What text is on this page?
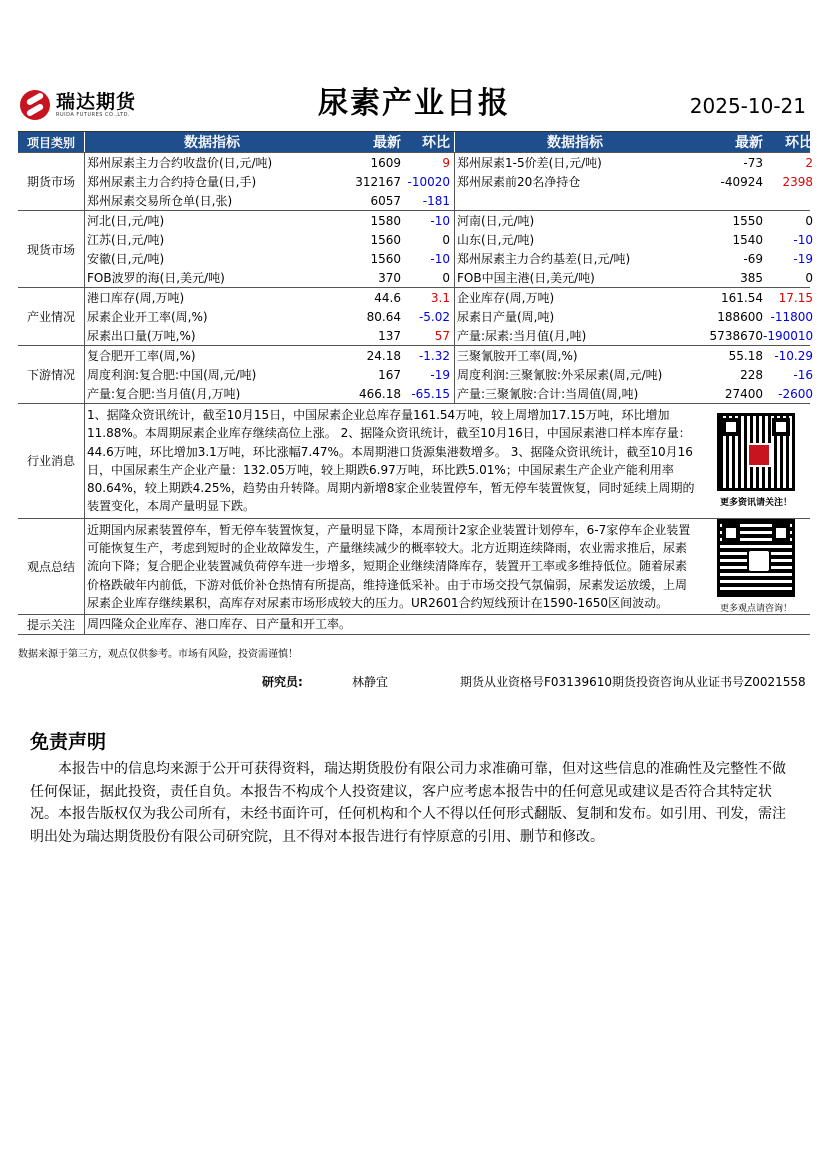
瑞达期货
RUIDA FUTURES CO.,LTD.	尿素产业日报	2025-10-21
项目类别	数据指标	最新	环比	数据指标	最新	环比
期货市场
郑州尿素主力合约收盘价(日,元/吨)	1609	9 郑州尿素1-5价差(日,元/吨)	-73	2
郑州尿素主力合约持仓量(日,手)	312167 -10020 郑州尿素前20名净持仓	-40924	2398
郑州尿素交易所仓单(日,张)	6057	-181
现货市场
河北(日,元/吨)	1580	-10 河南(日,元/吨)	1550	0
江苏(日,元/吨)	1560	0 山东(日,元/吨)	1540	-10
安徽(日,元/吨)	1560	-10 郑州尿素主力合约基差(日,元/吨)	-69	-19
FOB波罗的海(日,美元/吨)	370	0 FOB中国主港(日,美元/吨)	385	0
产业情况
港口库存(周,万吨)	44.6	3.1 企业库存(周,万吨)	161.54	17.15
尿素企业开工率(周,%)	80.64	-5.02 尿素日产量(周,吨)	188600 -11800
尿素出口量(万吨,%)	137	57 产量:尿素:当月值(月,吨)	5738670 -190010
下游情况
复合肥开工率(周,%)	24.18	-1.32 三聚氰胺开工率(周,%)	55.18 -10.29
周度利润:复合肥:中国(周,元/吨)	167	-19 周度利润:三聚氰胺:外采尿素(周,元/吨)	228	-16
产量:复合肥:当月值(月,万吨)	466.18 -65.15 产量:三聚氰胺:合计:当周值(周,吨)	27400	-2600
行业消息
1、据隆众资讯统计，截至10月15日，中国尿素企业总库存量161.54万吨，较上周增加17.15万吨，环比增加11.88%。本周期尿素企业库存继续高位上涨。 2、据隆众资讯统计，截至10月16日，中国尿素港口样本库存量：44.6万吨，环比增加3.1万吨，环比涨幅7.47%。本周期港口货源集港数增多。 3、据隆众资讯统计，截至10月16日，中国尿素生产企业产量：132.05万吨，较上期跌6.97万吨，环比跌5.01%；中国尿素生产企业产能利用率80.64%，较上期跌4.25%，趋势由升转降。周期内新增8家企业装置停车，暂无停车装置恢复，同时延续上周期的装置变化，本周产量明显下跌。	更多资讯请关注！
观点总结
近期国内尿素装置停车，暂无停车装置恢复，产量明显下降，本周预计2家企业装置计划停车，6-7家停车企业装置可能恢复生产，考虑到短时的企业故障发生，产量继续减少的概率较大。北方近期连续降雨，农业需求推后，尿素流向下降；复合肥企业装置减负荷停车进一步增多，短期企业继续清降库存，装置开工率或多维持低位。随着尿素价格跌破年内前低，下游对低价补仓热情有所提高，维持逢低采补。由于市场交投气氛偏弱，尿素发运放缓，上周尿素企业库存继续累积，高库存对尿素市场形成较大的压力。UR2601合约短线预计在1590-1650区间波动。	更多观点请咨询！
提示关注	周四隆众企业库存、港口库存、日产量和开工率。
数据来源于第三方，观点仅供参考。市场有风险，投资需谨慎！
研究员:	林静宜	期货从业资格号F03139610 期货投资咨询从业证书号Z0021558
免责声明
本报告中的信息均来源于公开可获得资料，瑞达期货股份有限公司力求准确可靠，但对这些信息的准确性及完整性不做任何保证，据此投资，责任自负。本报告不构成个人投资建议，客户应考虑本报告中的任何意见或建议是否符合其特定状况。本报告版权仅为我公司所有，未经书面许可，任何机构和个人不得以任何形式翻版、复制和发布。如引用、刊发，需注明出处为瑞达期货股份有限公司研究院，且不得对本报告进行有悖原意的引用、删节和修改。
